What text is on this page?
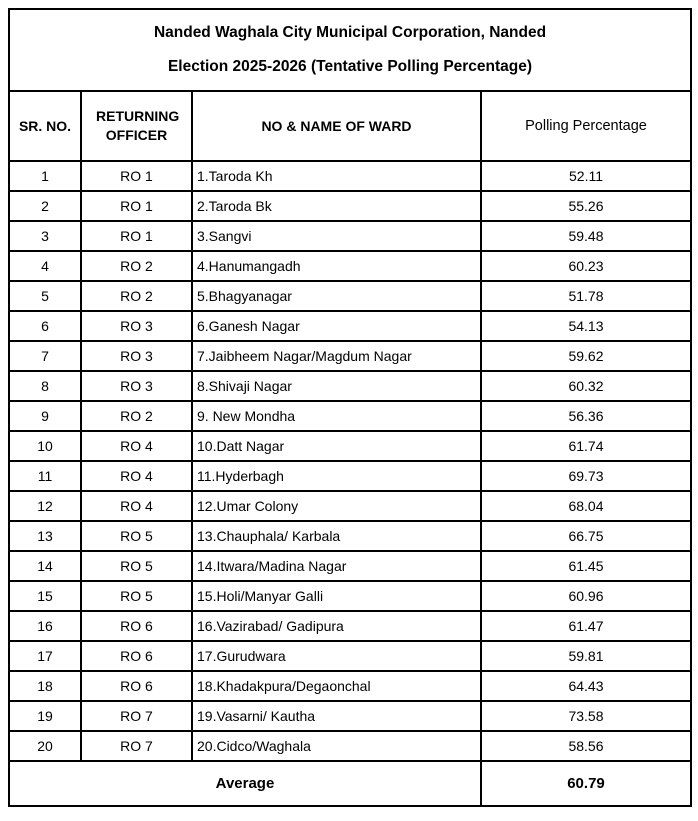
Nanded Waghala City Municipal Corporation, Nanded
Election 2025-2026 (Tentative Polling Percentage)			

SR. NO.	RETURNING OFFICER	NO & NAME OF WARD	Polling Percentage
1	RO 1	1.Taroda Kh	52.11
2	RO 1	2.Taroda Bk	55.26
3	RO 1	3.Sangvi	59.48
4	RO 2	4.Hanumangadh	60.23
5	RO 2	5.Bhagyanagar	51.78
6	RO 3	6.Ganesh Nagar	54.13
7	RO 3	7.Jaibheem Nagar/Magdum Nagar	59.62
8	RO 3	8.Shivaji Nagar	60.32
9	RO 2	9. New Mondha	56.36
10	RO 4	10.Datt Nagar	61.74
11	RO 4	11.Hyderbagh	69.73
12	RO 4	12.Umar Colony	68.04
13	RO 5	13.Chauphala/ Karbala	66.75
14	RO 5	14.Itwara/Madina Nagar	61.45
15	RO 5	15.Holi/Manyar Galli	60.96
16	RO 6	16.Vazirabad/ Gadipura	61.47
17	RO 6	17.Gurudwara	59.81
18	RO 6	18.Khadakpura/Degaonchal	64.43
19	RO 7	19.Vasarni/ Kautha	73.58
20	RO 7	20.Cidco/Waghala	58.56
Average			60.79
